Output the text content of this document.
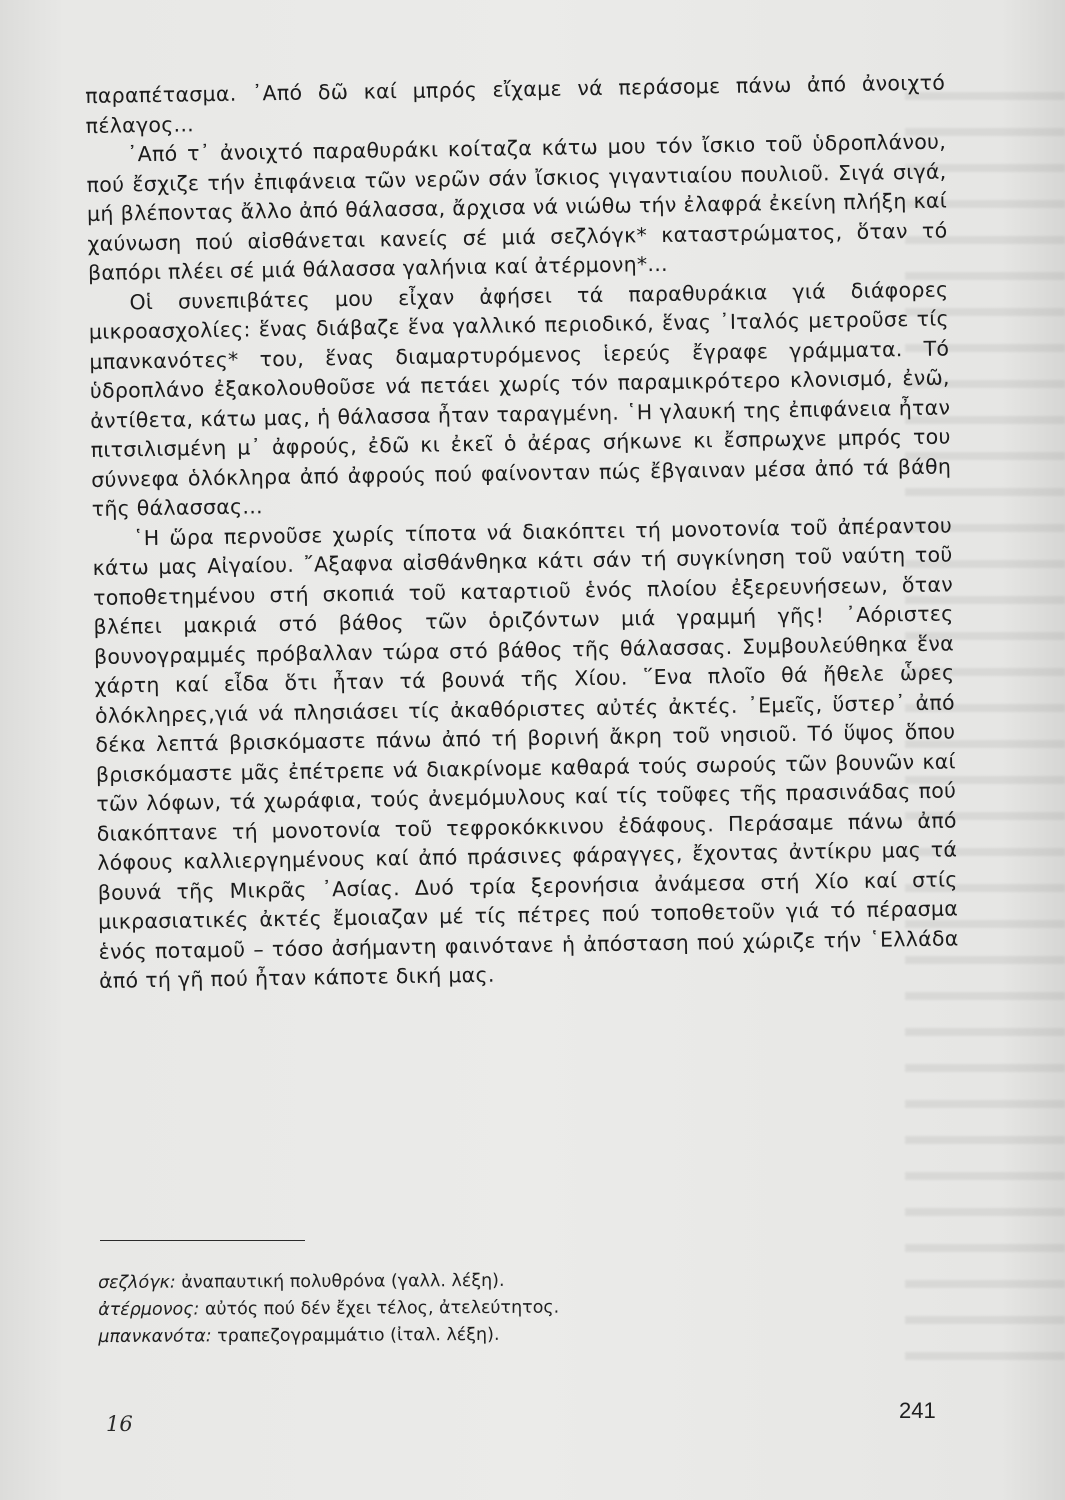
παραπέτασμα. ᾿Από δῶ καί μπρός εἴχαμε νά περάσομε πάνω ἀπό ἀνοιχτό πέλαγος...

᾿Από τ᾿ ἀνοιχτό παραθυράκι κοίταζα κάτω μου τόν ἴσκιο τοῦ ὑδροπλάνου, πού ἔσχιζε τήν ἐπιφάνεια τῶν νερῶν σάν ἴσκιος γιγαντιαίου πουλιοῦ. Σιγά σιγά, μή βλέποντας ἄλλο ἀπό θάλασσα, ἄρχισα νά νιώθω τήν ἐλαφρά ἐκείνη πλήξη καί χαύνωση πού αἰσθάνεται κανείς σέ μιά σεζλόγκ* καταστρώματος, ὅταν τό βαπόρι πλέει σέ μιά θάλασσα γαλήνια καί ἀτέρμονη*...

Οἱ συνεπιβάτες μου εἶχαν ἀφήσει τά παραθυράκια γιά διάφορες μικροασχολίες: ἕνας διάβαζε ἕνα γαλλικό περιοδικό, ἕνας ᾿Ιταλός μετροῦσε τίς μπανκανότες* του, ἕνας διαμαρτυρόμενος ἱερεύς ἔγραφε γράμματα. Τό ὑδροπλάνο ἐξακολουθοῦσε νά πετάει χωρίς τόν παραμικρότερο κλονισμό, ἐνῶ, ἀντίθετα, κάτω μας, ἡ θάλασσα ἦταν ταραγμένη. ῾Η γλαυκή της ἐπιφάνεια ἦταν πιτσιλισμένη μ᾿ ἀφρούς, ἐδῶ κι ἐκεῖ ὁ ἀέρας σήκωνε κι ἔσπρωχνε μπρός του σύννεφα ὁλόκληρα ἀπό ἀφρούς πού φαίνονταν πώς ἔβγαιναν μέσα ἀπό τά βάθη τῆς θάλασσας...

῾Η ὥρα περνοῦσε χωρίς τίποτα νά διακόπτει τή μονοτονία τοῦ ἀπέραντου κάτω μας Αἰγαίου. ῎Αξαφνα αἰσθάνθηκα κάτι σάν τή συγκίνηση τοῦ ναύτη τοῦ τοποθετημένου στή σκοπιά τοῦ καταρτιοῦ ἑνός πλοίου ἐξερευνήσεων, ὅταν βλέπει μακριά στό βάθος τῶν ὁριζόντων μιά γραμμή γῆς! ᾿Αόριστες βουνογραμμές πρόβαλλαν τώρα στό βάθος τῆς θάλασσας. Συμβουλεύθηκα ἕνα χάρτη καί εἶδα ὅτι ἦταν τά βουνά τῆς Χίου. ῞Ενα πλοῖο θά ἤθελε ὧρες ὁλόκληρες,γιά νά πλησιάσει τίς ἀκαθόριστες αὐτές ἀκτές. ᾿Εμεῖς, ὕστερ᾿ ἀπό δέκα λεπτά βρισκόμαστε πάνω ἀπό τή βορινή ἄκρη τοῦ νησιοῦ. Τό ὕψος ὅπου βρισκόμαστε μᾶς ἐπέτρεπε νά διακρίνομε καθαρά τούς σωρούς τῶν βουνῶν καί τῶν λόφων, τά χωράφια, τούς ἀνεμόμυλους καί τίς τοῦφες τῆς πρασινάδας πού διακόπτανε τή μονοτονία τοῦ τεφροκόκκινου ἐδάφους. Περάσαμε πάνω ἀπό λόφους καλλιεργημένους καί ἀπό πράσινες φάραγγες, ἔχοντας ἀντίκρυ μας τά βουνά τῆς Μικρᾶς ᾿Ασίας. Δυό τρία ξερονήσια ἀνάμεσα στή Χίο καί στίς μικρασιατικές ἀκτές ἔμοιαζαν μέ τίς πέτρες πού τοποθετοῦν γιά τό πέρασμα ἑνός ποταμοῦ – τόσο ἀσήμαντη φαινότανε ἡ ἀπόσταση πού χώριζε τήν ῾Ελλάδα ἀπό τή γῆ πού ἦταν κάποτε δική μας.

σεζλόγκ: ἀναπαυτική πολυθρόνα (γαλλ. λέξη).
ἀτέρμονος: αὐτός πού δέν ἔχει τέλος, ἀτελεύτητος.
μπανκανότα: τραπεζογραμμάτιο (ἰταλ. λέξη).
16
241
